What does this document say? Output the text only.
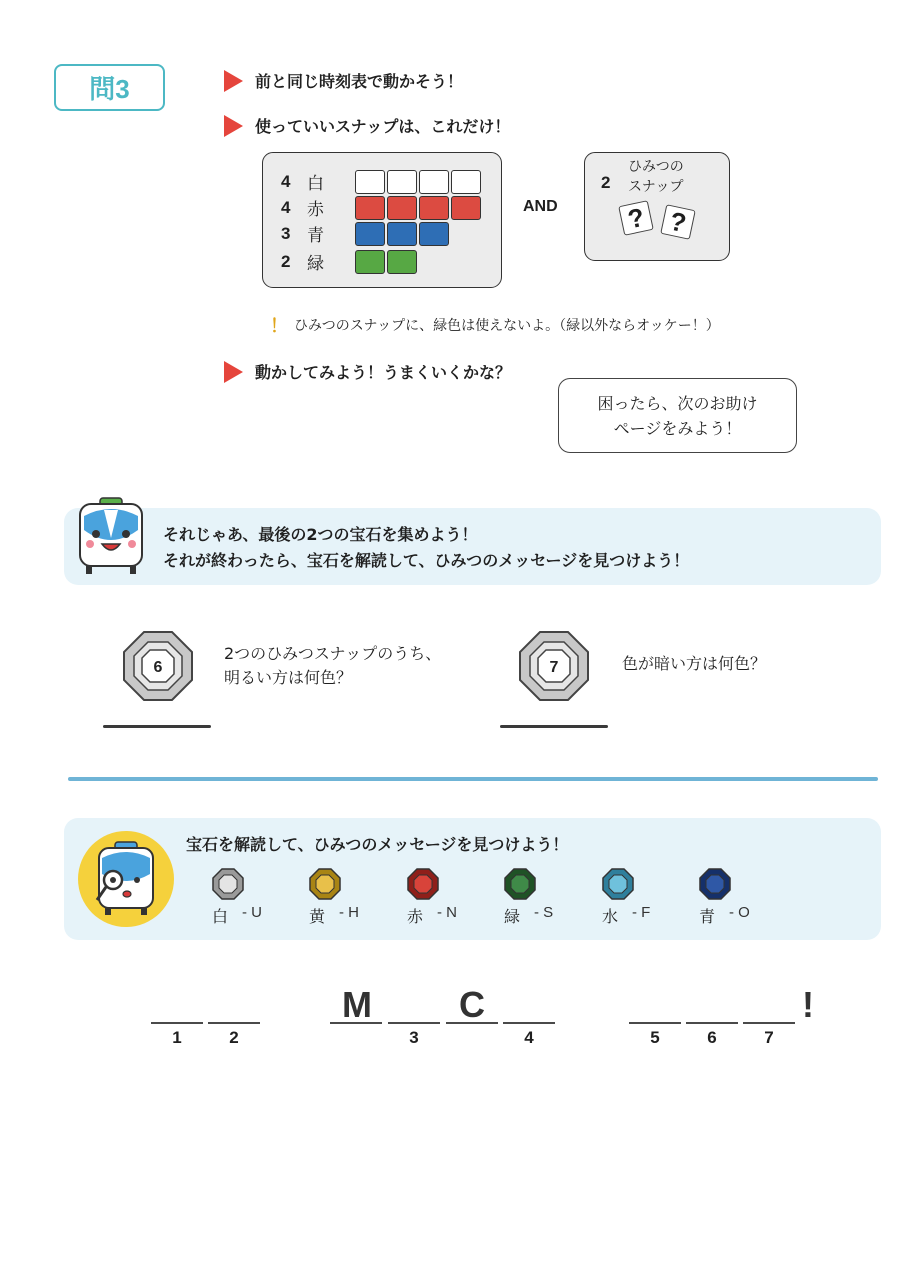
問3	前と同じ時刻表で動かそう！
使っていいスナップは、これだけ！
4 白
4 赤
3 青
2 緑
AND
2
ひみつの
スナップ
? ?
！ ひみつのスナップに、緑色は使えないよ。（緑以外ならオッケー！）
動かしてみよう！うまくいくかな？
困ったら、次のお助け
ページをみよう！
それじゃあ、最後の2つの宝石を集めよう！
それが終わったら、宝石を解読して、ひみつのメッセージを見つけよう！
6
2つのひみつスナップのうち、
明るい方は何色？
7	色が暗い方は何色？
宝石を解読して、ひみつのメッセージを見つけよう！
白 - U	黄 - H	赤 - N	緑 - S	水 - F	青 - O
M C	!
1	2	3	4	5	6	7
